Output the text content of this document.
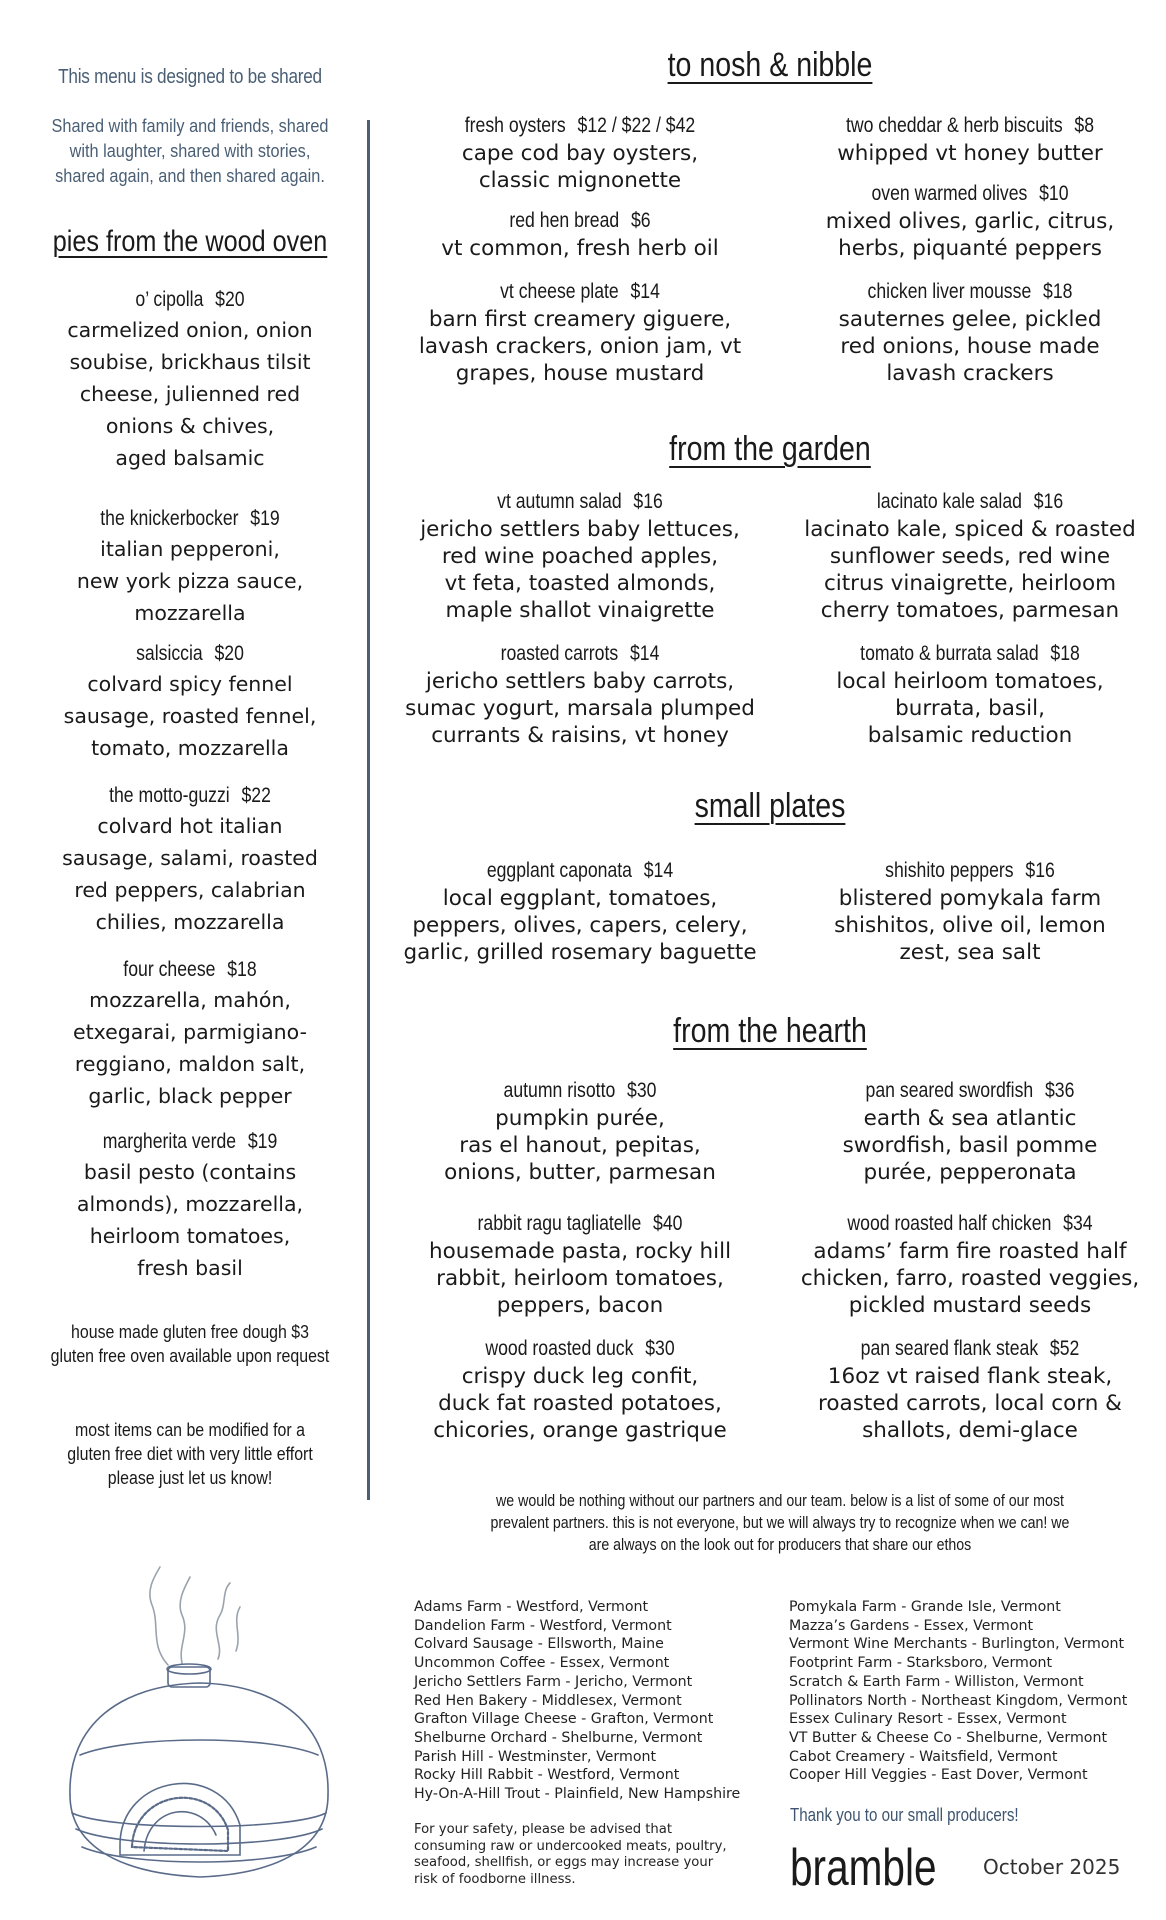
This menu is designed to be shared
Shared with family and friends, shared
with laughter, shared with stories,
shared again, and then shared again.
pies from the wood oven
o’ cipolla $20
carmelized onion, onion
soubise, brickhaus tilsit
cheese, julienned red
onions & chives,
aged balsamic
the knickerbocker $19
italian pepperoni,
new york pizza sauce,
mozzarella
salsiccia $20
colvard spicy fennel
sausage, roasted fennel,
tomato, mozzarella
the motto-guzzi $22
colvard hot italian
sausage, salami, roasted
red peppers, calabrian
chilies, mozzarella
four cheese $18
mozzarella, mahón,
etxegarai, parmigiano-
reggiano, maldon salt,
garlic, black pepper
margherita verde $19
basil pesto (contains
almonds), mozzarella,
heirloom tomatoes,
fresh basil
house made gluten free dough $3
gluten free oven available upon request
most items can be modified for a
gluten free diet with very little effort
please just let us know!
to nosh & nibble
from the garden
small plates
from the hearth
fresh oysters $12 / $22 / $42
cape cod bay oysters,
classic mignonette
red hen bread $6
vt common, fresh herb oil
vt cheese plate $14
barn first creamery giguere,
lavash crackers, onion jam, vt
grapes, house mustard
two cheddar & herb biscuits $8
whipped vt honey butter
oven warmed olives $10
mixed olives, garlic, citrus,
herbs, piquanté peppers
chicken liver mousse $18
sauternes gelee, pickled
red onions, house made
lavash crackers
vt autumn salad $16
jericho settlers baby lettuces,
red wine poached apples,
vt feta, toasted almonds,
maple shallot vinaigrette
roasted carrots $14
jericho settlers baby carrots,
sumac yogurt, marsala plumped
currants & raisins, vt honey
lacinato kale salad $16
lacinato kale, spiced & roasted
sunflower seeds, red wine
citrus vinaigrette, heirloom
cherry tomatoes, parmesan
tomato & burrata salad $18
local heirloom tomatoes,
burrata, basil,
balsamic reduction
eggplant caponata $14
local eggplant, tomatoes,
peppers, olives, capers, celery,
garlic, grilled rosemary baguette
shishito peppers $16
blistered pomykala farm
shishitos, olive oil, lemon
zest, sea salt
autumn risotto $30
pumpkin purée,
ras el hanout, pepitas,
onions, butter, parmesan
rabbit ragu tagliatelle $40
housemade pasta, rocky hill
rabbit, heirloom tomatoes,
peppers, bacon
wood roasted duck $30
crispy duck leg confit,
duck fat roasted potatoes,
chicories, orange gastrique
pan seared swordfish $36
earth & sea atlantic
swordfish, basil pomme
purée, pepperonata
wood roasted half chicken $34
adams’ farm fire roasted half
chicken, farro, roasted veggies,
pickled mustard seeds
pan seared flank steak $52
16oz vt raised flank steak,
roasted carrots, local corn &
shallots, demi-glace
we would be nothing without our partners and our team. below is a list of some of our most
prevalent partners. this is not everyone, but we will always try to recognize when we can! we
are always on the look out for producers that share our ethos
Adams Farm - Westford, Vermont
Dandelion Farm - Westford, Vermont
Colvard Sausage - Ellsworth, Maine
Uncommon Coffee - Essex, Vermont
Jericho Settlers Farm - Jericho, Vermont
Red Hen Bakery - Middlesex, Vermont
Grafton Village Cheese - Grafton, Vermont
Shelburne Orchard - Shelburne, Vermont
Parish Hill - Westminster, Vermont
Rocky Hill Rabbit - Westford, Vermont
Hy-On-A-Hill Trout - Plainfield, New Hampshire
Pomykala Farm - Grande Isle, Vermont
Mazza’s Gardens - Essex, Vermont
Vermont Wine Merchants - Burlington, Vermont
Footprint Farm - Starksboro, Vermont
Scratch & Earth Farm - Williston, Vermont
Pollinators North - Northeast Kingdom, Vermont
Essex Culinary Resort - Essex, Vermont
VT Butter & Cheese Co - Shelburne, Vermont
Cabot Creamery - Waitsfield, Vermont
Cooper Hill Veggies - East Dover, Vermont
For your safety, please be advised that
consuming raw or undercooked meats, poultry,
seafood, shellfish, or eggs may increase your
risk of foodborne illness.
Thank you to our small producers!
bramble October 2025
